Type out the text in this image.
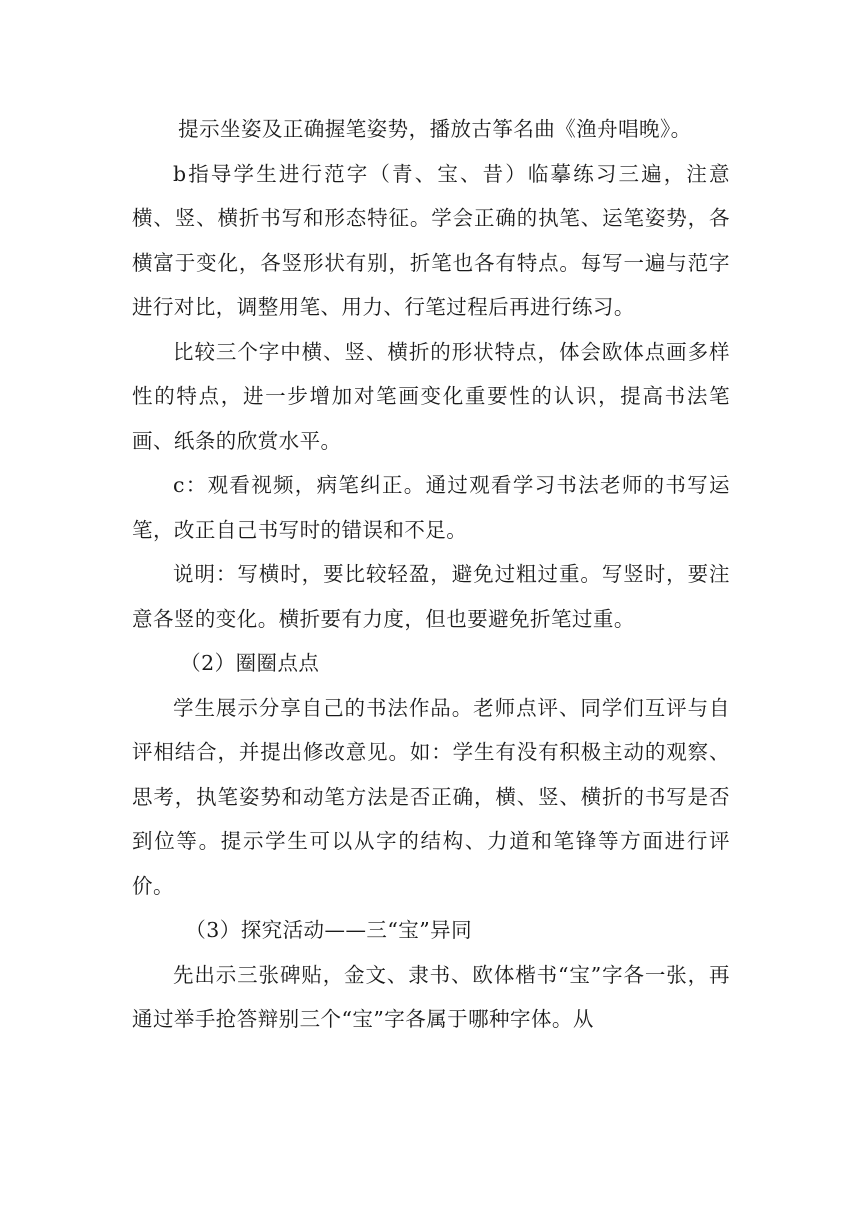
提示坐姿及正确握笔姿势，播放古筝名曲《渔舟唱晚》。

b指导学生进行范字（青、宝、昔）临摹练习三遍，注意横、竖、横折书写和形态特征。学会正确的执笔、运笔姿势，各横富于变化，各竖形状有别，折笔也各有特点。每写一遍与范字进行对比，调整用笔、用力、行笔过程后再进行练习。

比较三个字中横、竖、横折的形状特点，体会欧体点画多样性的特点，进一步增加对笔画变化重要性的认识，提高书法笔画、纸条的欣赏水平。

c：观看视频，病笔纠正。通过观看学习书法老师的书写运笔，改正自己书写时的错误和不足。

说明：写横时，要比较轻盈，避免过粗过重。写竖时，要注意各竖的变化。横折要有力度，但也要避免折笔过重。

（2）圈圈点点

学生展示分享自己的书法作品。老师点评、同学们互评与自评相结合，并提出修改意见。如：学生有没有积极主动的观察、思考，执笔姿势和动笔方法是否正确，横、竖、横折的书写是否到位等。提示学生可以从字的结构、力道和笔锋等方面进行评价。

（3）探究活动——三“宝”异同

先出示三张碑贴，金文、隶书、欧体楷书“宝”字各一张，再通过举手抢答辩别三个“宝”字各属于哪种字体。从
